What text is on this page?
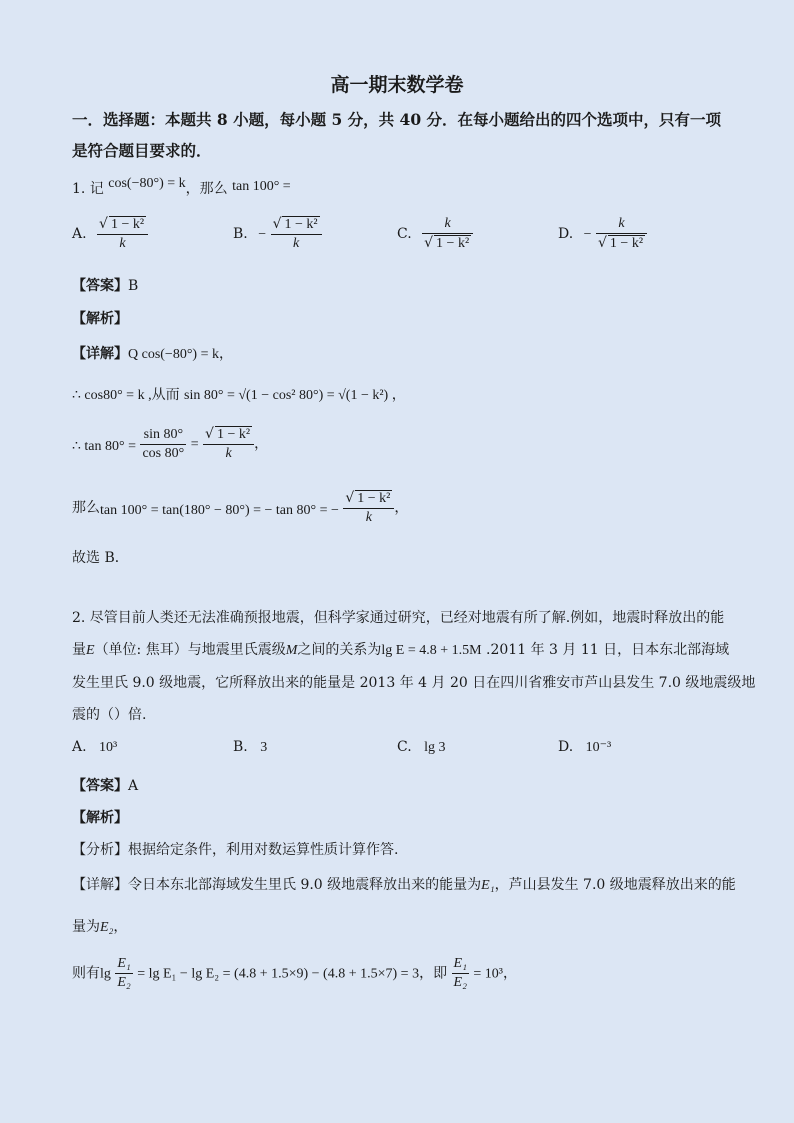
高一期末数学卷
一．选择题：本题共 8 小题，每小题 5 分，共 40 分．在每小题给出的四个选项中，只有一项
是符合题目要求的．
1. 记 cos(−80°) = k，那么 tan 100° =
A. $\frac{\text{√ 1 − k²}}{k}$	B. − $\frac{\text{√ 1 − k²}}{k}$	C. $\frac{k}{\text{√ 1 − k²}}$	D. − $\frac{k}{\text{√ 1 − k²}}$
【答案】B
【解析】
【详解】Q cos(−80°) = k，
∴ cos80° = k ,从而 sin 80° = √(1 − cos² 80°) = √(1 − k²) ，
∴ $\tan 80^\circ = \frac{\sin 80^\circ}{\cos 80^\circ} = \frac{\text{√ 1 − k²}}{k}$ ，
那么tan 100° = tan(180° − 80°) = − tan 80° = − $\frac{\text{√ 1 − k²}}{k}$ ，
故选 B．
2. 尽管目前人类还无法准确预报地震，但科学家通过研究，已经对地震有所了解.例如，地震时释放出的能
量E（单位: 焦耳）与地震里氏震级M之间的关系为lg E = 4.8 + 1.5M .2011 年 3 月 11 日，日本东北部海域
发生里氏 9.0 级地震，它所释放出来的能量是 2013 年 4 月 20 日在四川省雅安市芦山县发生 7.0 级地震级地
震的（）倍.
A. 10³	B. 3	C. lg 3	D. 10⁻³
【答案】A
【解析】
【分析】根据给定条件，利用对数运算性质计算作答.
【详解】令日本东北部海域发生里氏 9.0 级地震释放出来的能量为E₁，芦山县发生 7.0 级地震释放出来的能
量为E₂，
则有$\lg \frac{\text{E₁}}{\text{E₂}} = \lg E_1 - \lg E_2 = (4.8 + 1.5\times 9) - (4.8 + 1.5\times 7) = 3$，即 $\frac{\text{E₁}}{\text{E₂}} = 10^3$，
